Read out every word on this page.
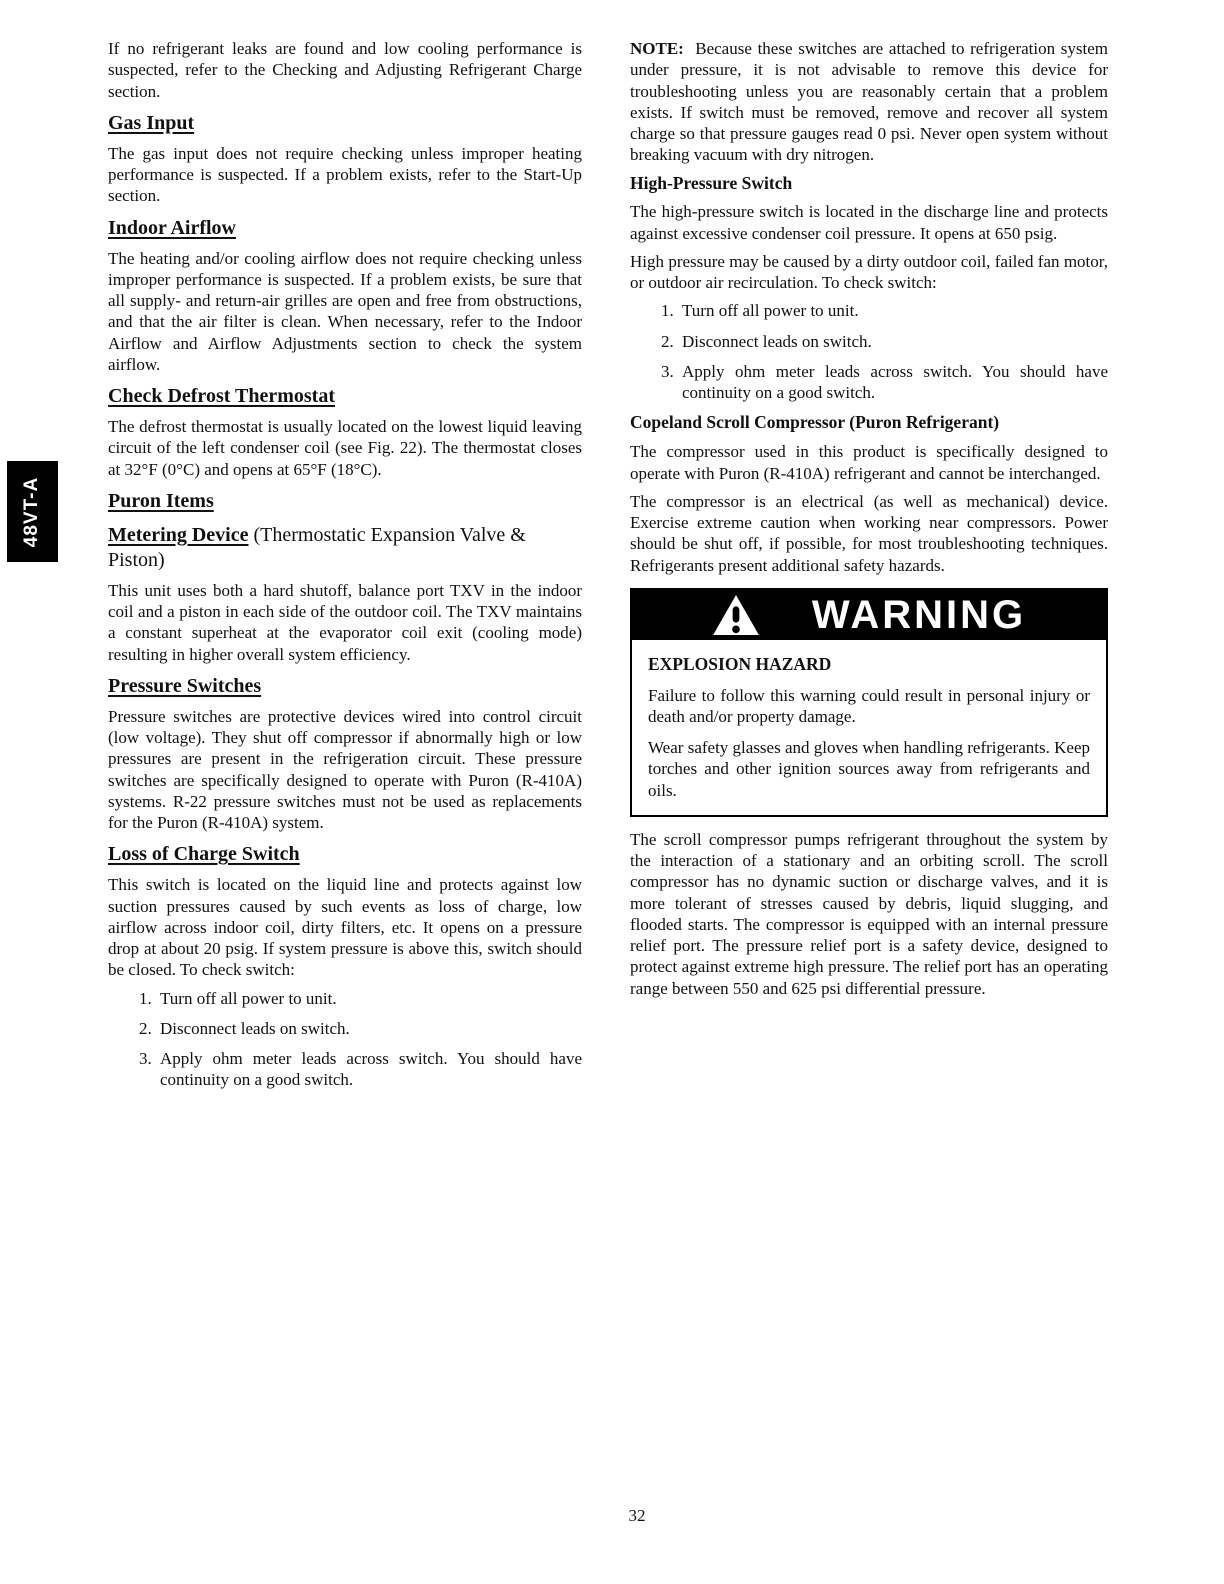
48VT-A

If no refrigerant leaks are found and low cooling performance is suspected, refer to the Checking and Adjusting Refrigerant Charge section.

Gas Input

The gas input does not require checking unless improper heating performance is suspected. If a problem exists, refer to the Start-Up section.

Indoor Airflow

The heating and/or cooling airflow does not require checking unless improper performance is suspected. If a problem exists, be sure that all supply- and return-air grilles are open and free from obstructions, and that the air filter is clean. When necessary, refer to the Indoor Airflow and Airflow Adjustments section to check the system airflow.

Check Defrost Thermostat

The defrost thermostat is usually located on the lowest liquid leaving circuit of the left condenser coil (see Fig. 22). The thermostat closes at 32°F (0°C) and opens at 65°F (18°C).

Puron Items
Metering Device (Thermostatic Expansion Valve & Piston)

This unit uses both a hard shutoff, balance port TXV in the indoor coil and a piston in each side of the outdoor coil. The TXV maintains a constant superheat at the evaporator coil exit (cooling mode) resulting in higher overall system efficiency.

Pressure Switches

Pressure switches are protective devices wired into control circuit (low voltage). They shut off compressor if abnormally high or low pressures are present in the refrigeration circuit. These pressure switches are specifically designed to operate with Puron (R-410A) systems. R-22 pressure switches must not be used as replacements for the Puron (R-410A) system.

Loss of Charge Switch

This switch is located on the liquid line and protects against low suction pressures caused by such events as loss of charge, low airflow across indoor coil, dirty filters, etc. It opens on a pressure drop at about 20 psig. If system pressure is above this, switch should be closed. To check switch:

1. Turn off all power to unit.
2. Disconnect leads on switch.
3. Apply ohm meter leads across switch. You should have continuity on a good switch.

NOTE: Because these switches are attached to refrigeration system under pressure, it is not advisable to remove this device for troubleshooting unless you are reasonably certain that a problem exists. If switch must be removed, remove and recover all system charge so that pressure gauges read 0 psi. Never open system without breaking vacuum with dry nitrogen.

High-Pressure Switch

The high-pressure switch is located in the discharge line and protects against excessive condenser coil pressure. It opens at 650 psig.

High pressure may be caused by a dirty outdoor coil, failed fan motor, or outdoor air recirculation. To check switch:

1. Turn off all power to unit.
2. Disconnect leads on switch.
3. Apply ohm meter leads across switch. You should have continuity on a good switch.
Copeland Scroll Compressor (Puron Refrigerant)

The compressor used in this product is specifically designed to operate with Puron (R-410A) refrigerant and cannot be interchanged.

The compressor is an electrical (as well as mechanical) device. Exercise extreme caution when working near compressors. Power should be shut off, if possible, for most troubleshooting techniques. Refrigerants present additional safety hazards.

WARNING
EXPLOSION HAZARD

Failure to follow this warning could result in personal injury or death and/or property damage.

Wear safety glasses and gloves when handling refrigerants. Keep torches and other ignition sources away from refrigerants and oils.

The scroll compressor pumps refrigerant throughout the system by the interaction of a stationary and an orbiting scroll. The scroll compressor has no dynamic suction or discharge valves, and it is more tolerant of stresses caused by debris, liquid slugging, and flooded starts. The compressor is equipped with an internal pressure relief port. The pressure relief port is a safety device, designed to protect against extreme high pressure. The relief port has an operating range between 550 and 625 psi differential pressure.

32
